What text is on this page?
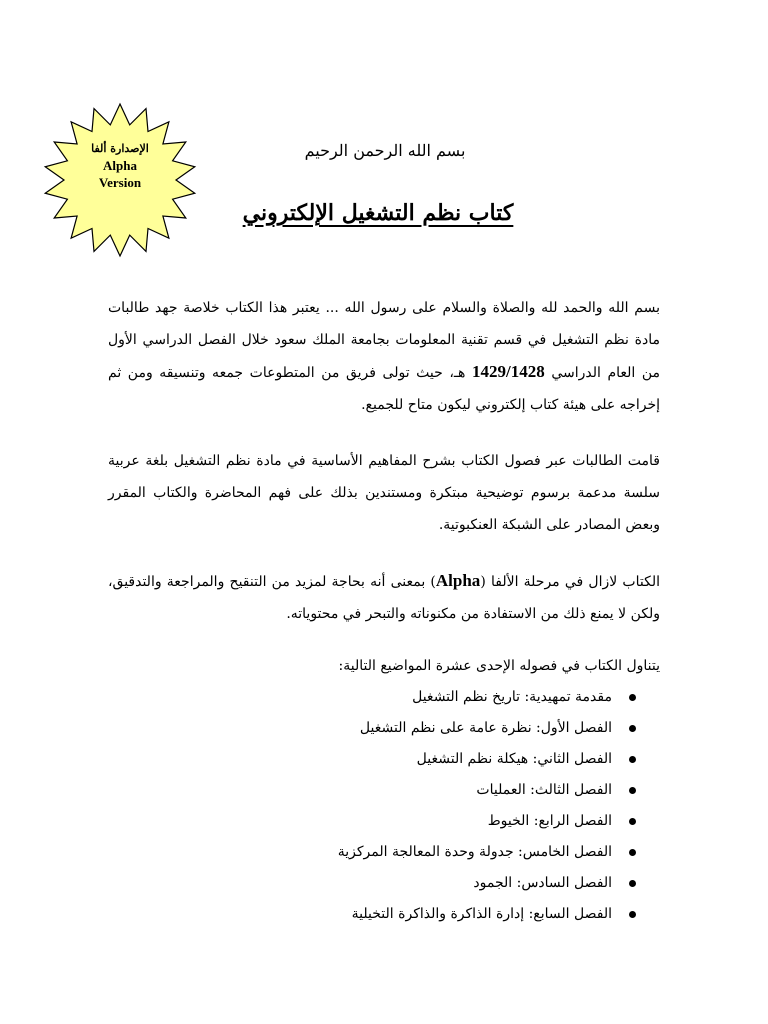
الإصدارة ألفا
Alpha
Version
بسم الله الرحمن الرحيم
كتاب نظم التشغيل الإلكتروني

بسم الله والحمد لله والصلاة والسلام على رسول الله ... يعتبر هذا الكتاب خلاصة جهد طالبات مادة نظم التشغيل في قسم تقنية المعلومات بجامعة الملك سعود خلال الفصل الدراسي الأول من العام الدراسي 1429/1428 هـ، حيث تولى فريق من المتطوعات جمعه وتنسيقه ومن ثم إخراجه على هيئة كتاب إلكتروني ليكون متاح للجميع.

قامت الطالبات عبر فصول الكتاب بشرح المفاهيم الأساسية في مادة نظم التشغيل بلغة عربية سلسة مدعمة برسوم توضيحية مبتكرة ومستندين بذلك على فهم المحاضرة والكتاب المقرر وبعض المصادر على الشبكة العنكبوتية.

الكتاب لازال في مرحلة الألفا (Alpha) بمعنى أنه بحاجة لمزيد من التنقيح والمراجعة والتدقيق، ولكن لا يمنع ذلك من الاستفادة من مكنوناته والتبحر في محتوياته.

يتناول الكتاب في فصوله الإحدى عشرة المواضيع التالية:
مقدمة تمهيدية: تاريخ نظم التشغيل
الفصل الأول: نظرة عامة على نظم التشغيل
الفصل الثاني: هيكلة نظم التشغيل
الفصل الثالث: العمليات
الفصل الرابع: الخيوط
الفصل الخامس: جدولة وحدة المعالجة المركزية
الفصل السادس: الجمود
الفصل السابع: إدارة الذاكرة والذاكرة التخيلية
